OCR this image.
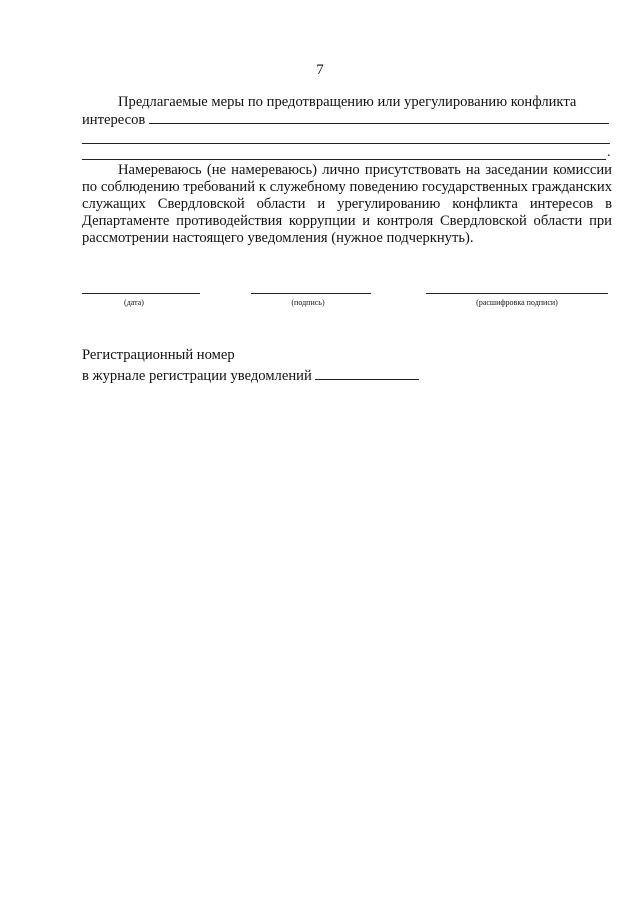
7
Предлагаемые меры по предотвращению или урегулированию конфликта
интересов
.
Намереваюсь (не намереваюсь) лично присутствовать на заседании комиссии по соблюдению требований к служебному поведению государственных гражданских служащих Свердловской области и урегулированию конфликта интересов в Департаменте противодействия коррупции и контроля Свердловской области при рассмотрении настоящего уведомления (нужное подчеркнуть).
(дата)	(подпись)	(расшифровка подписи)
Регистрационный номер
в журнале регистрации уведомлений
